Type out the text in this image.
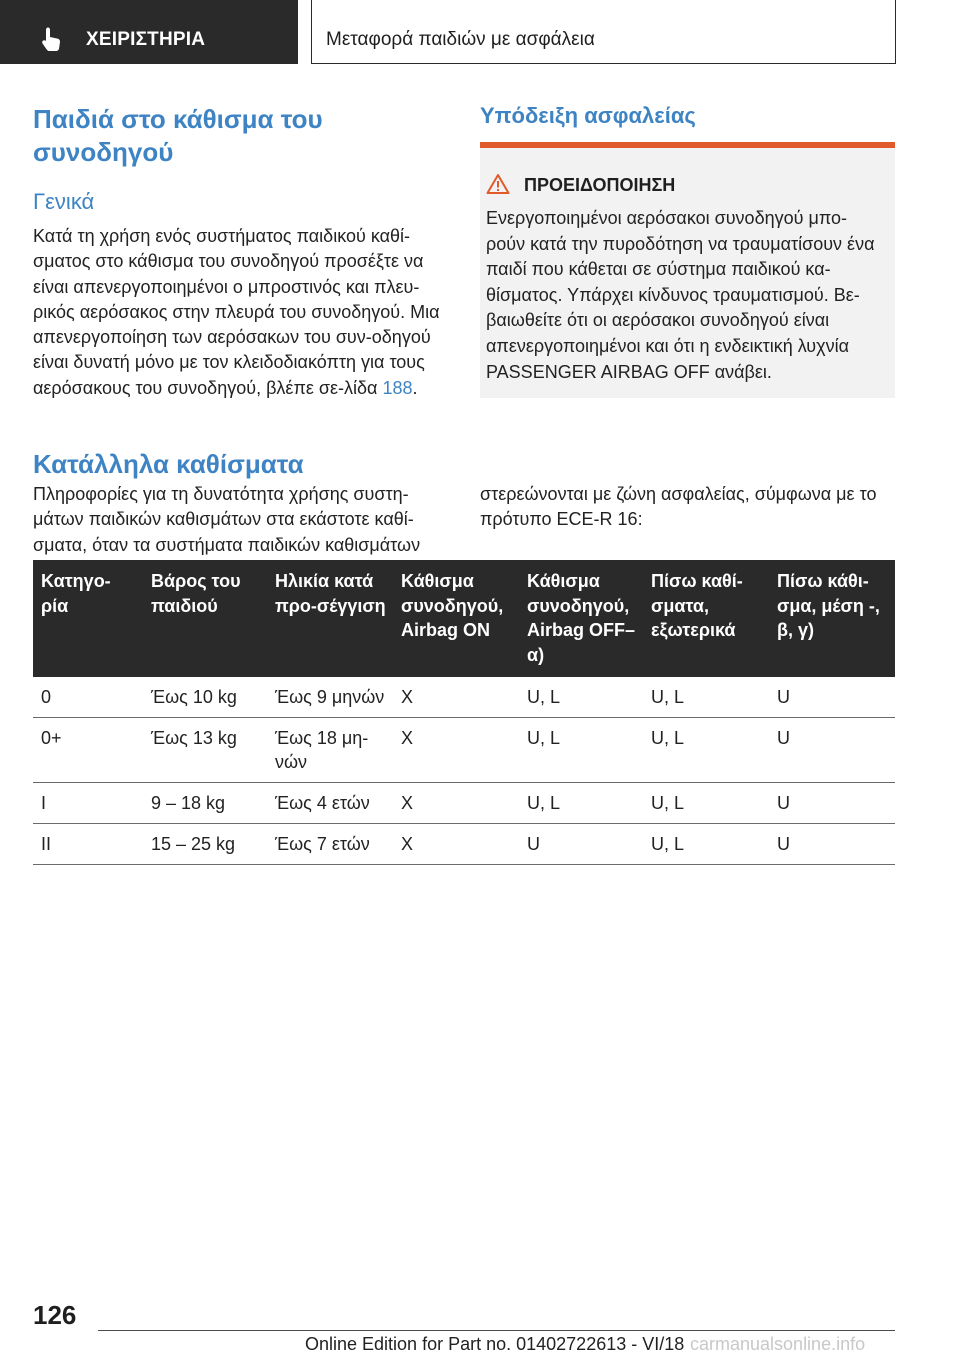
ΧΕΙΡΙΣΤΗΡΙΑ	Μεταφορά παιδιών με ασφάλεια
Παιδιά στο κάθισμα του συνοδηγού
Γενικά
Κατά τη χρήση ενός συστήματος παιδικού καθί-σματος στο κάθισμα του συνοδηγού προσέξτε να είναι απενεργοποιημένοι ο μπροστινός και πλευ-ρικός αερόσακος στην πλευρά του συνοδηγού. Μια απενεργοποίηση των αερόσακων του συν-οδηγού είναι δυνατή μόνο με τον κλειδοδιακόπτη για τους αερόσακους του συνοδηγού, βλέπε σε-λίδα 188.
Υπόδειξη ασφαλείας
ΠΡΟΕΙΔΟΠΟΙΗΣΗ
Ενεργοποιημένοι αερόσακοι συνοδηγού μπο-ρούν κατά την πυροδότηση να τραυματίσουν ένα παιδί που κάθεται σε σύστημα παιδικού κα-θίσματος. Υπάρχει κίνδυνος τραυματισμού. Βε-βαιωθείτε ότι οι αερόσακοι συνοδηγού είναι απενεργοποιημένοι και ότι η ενδεικτική λυχνία PASSENGER AIRBAG OFF ανάβει.
Κατάλληλα καθίσματα
Πληροφορίες για τη δυνατότητα χρήσης συστη-μάτων παιδικών καθισμάτων στα εκάστοτε καθί-σματα, όταν τα συστήματα παιδικών καθισμάτων
στερεώνονται με ζώνη ασφαλείας, σύμφωνα με το πρότυπο ECE-R 16:
Κατηγο-ρία	Βάρος του παιδιού	Ηλικία κατά προ-σέγγιση	Κάθισμα συνοδηγού, Airbag ON	Κάθισμα συνοδηγού, Airbag OFF– α)	Πίσω καθί-σματα, εξωτερικά	Πίσω κάθι-σμα, μέση -, β, γ)
0	Έως 10 kg	Έως 9 μηνών	X	U, L	U, L	U
0+	Έως 13 kg	Έως 18 μη-νών	X	U, L	U, L	U
I	9 – 18 kg	Έως 4 ετών	X	U, L	U, L	U
II	15 – 25 kg	Έως 7 ετών	X	U	U, L	U
126
Online Edition for Part no. 01402722613 - VI/18 carmanualsonline.info
